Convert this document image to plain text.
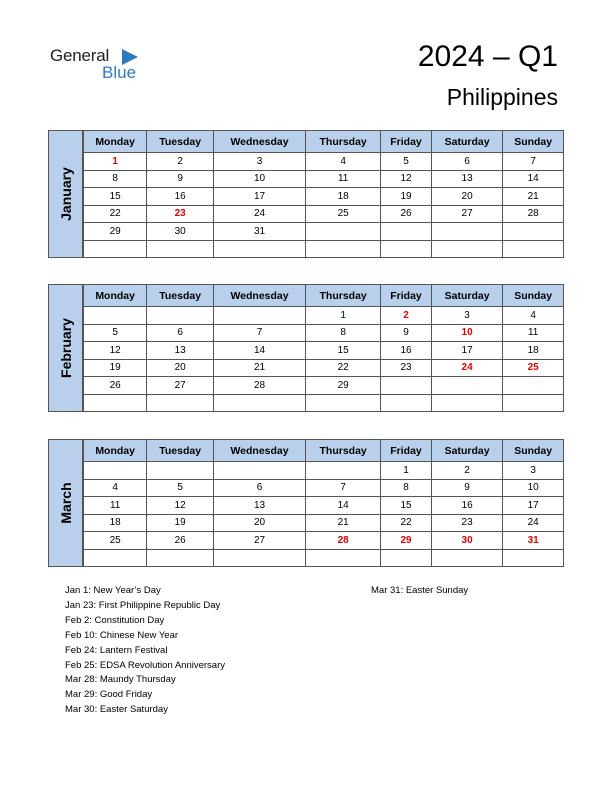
General
Blue	2024 – Q1
Philippines
January
Monday	Tuesday	Wednesday	Thursday	Friday	Saturday	Sunday
1	2	3	4	5	6	7
8	9	10	11	12	13	14
15	16	17	18	19	20	21
22	23	24	25	26	27	28
29	30	31				

February
Monday	Tuesday	Wednesday	Thursday	Friday	Saturday	Sunday
			1	2	3	4
5	6	7	8	9	10	11
12	13	14	15	16	17	18
19	20	21	22	23	24	25
26	27	28	29			

March
Monday	Tuesday	Wednesday	Thursday	Friday	Saturday	Sunday
				1	2	3
4	5	6	7	8	9	10
11	12	13	14	15	16	17
18	19	20	21	22	23	24
25	26	27	28	29	30	31

Jan 1: New Year’s Day
Jan 23: First Philippine Republic Day
Feb 2: Constitution Day
Feb 10: Chinese New Year
Feb 24: Lantern Festival
Feb 25: EDSA Revolution Anniversary
Mar 28: Maundy Thursday
Mar 29: Good Friday
Mar 30: Easter Saturday
Mar 31: Easter Sunday
